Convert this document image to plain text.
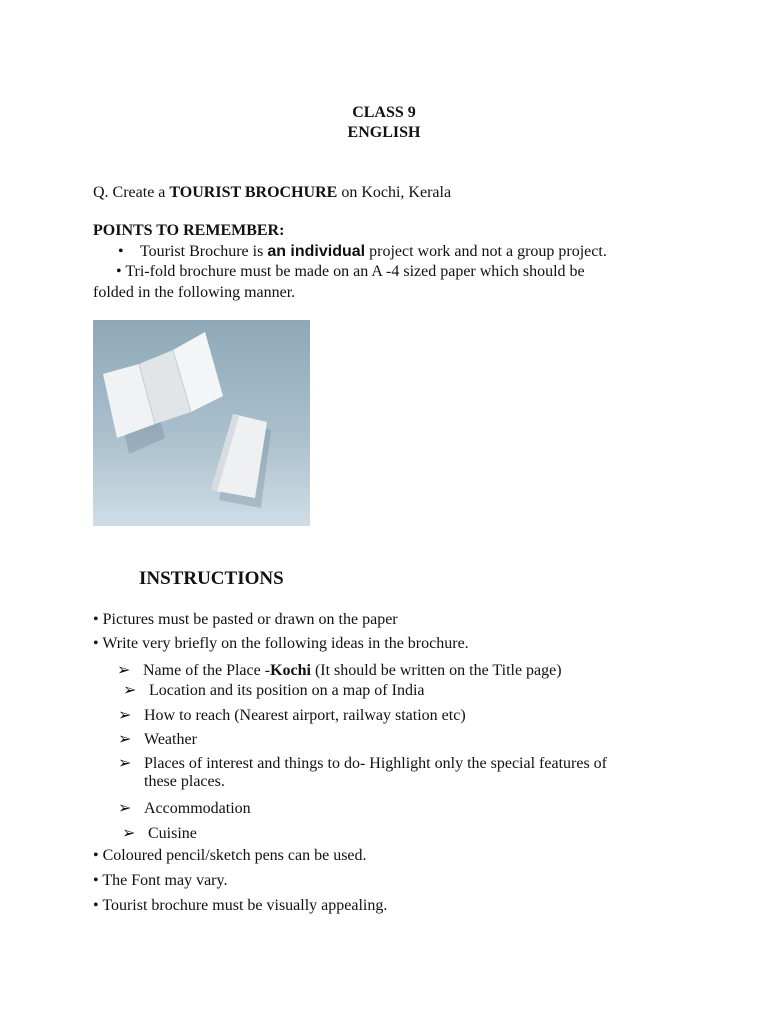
CLASS 9
ENGLISH
Q. Create a TOURIST BROCHURE on Kochi, Kerala
POINTS TO REMEMBER:
• Tourist Brochure is an individual project work and not a group project.
• Tri-fold brochure must be made on an A -4 sized paper which should be
folded in the following manner.
INSTRUCTIONS
• Pictures must be pasted or drawn on the paper
• Write very briefly on the following ideas in the brochure.
➢ Name of the Place -Kochi (It should be written on the Title page)
➢ Location and its position on a map of India
➢ How to reach (Nearest airport, railway station etc)
➢ Weather
➢ Places of interest and things to do- Highlight only the special features of
these places.
➢ Accommodation
➢ Cuisine
• Coloured pencil/sketch pens can be used.
• The Font may vary.
• Tourist brochure must be visually appealing.
